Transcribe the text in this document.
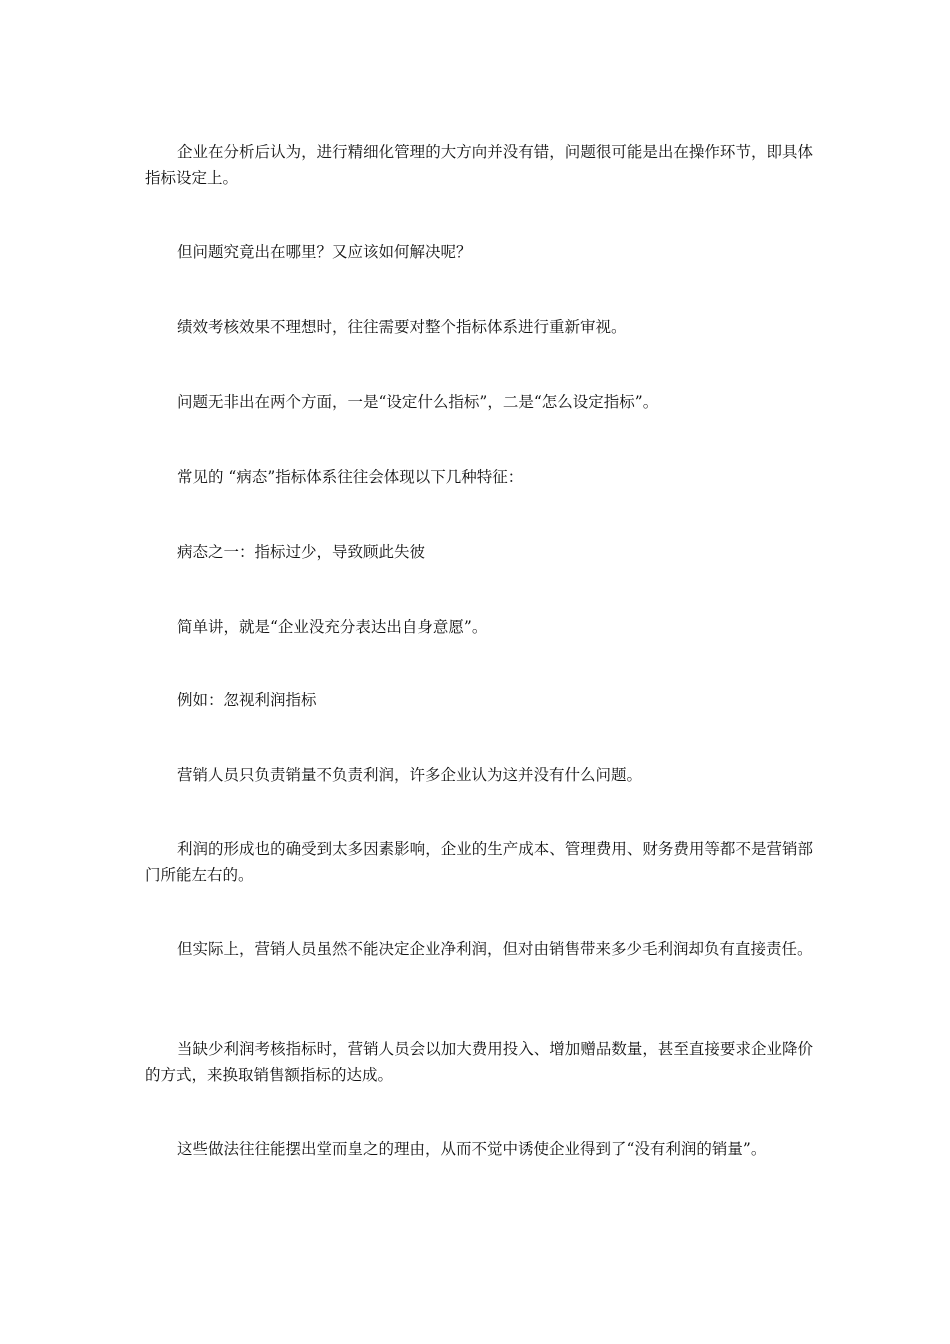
企业在分析后认为，进行精细化管理的大方向并没有错，问题很可能是出在操作环节，即具体指标设定上。

但问题究竟出在哪里？又应该如何解决呢？

绩效考核效果不理想时，往往需要对整个指标体系进行重新审视。

问题无非出在两个方面，一是“设定什么指标”，二是“怎么设定指标”。

常见的 “病态”指标体系往往会体现以下几种特征：

病态之一：指标过少，导致顾此失彼

简单讲，就是“企业没充分表达出自身意愿”。

例如：忽视利润指标

营销人员只负责销量不负责利润，许多企业认为这并没有什么问题。

利润的形成也的确受到太多因素影响，企业的生产成本、管理费用、财务费用等都不是营销部门所能左右的。

但实际上，营销人员虽然不能决定企业净利润，但对由销售带来多少毛利润却负有直接责任。

当缺少利润考核指标时，营销人员会以加大费用投入、增加赠品数量，甚至直接要求企业降价的方式，来换取销售额指标的达成。

这些做法往往能摆出堂而皇之的理由，从而不觉中诱使企业得到了“没有利润的销量”。
